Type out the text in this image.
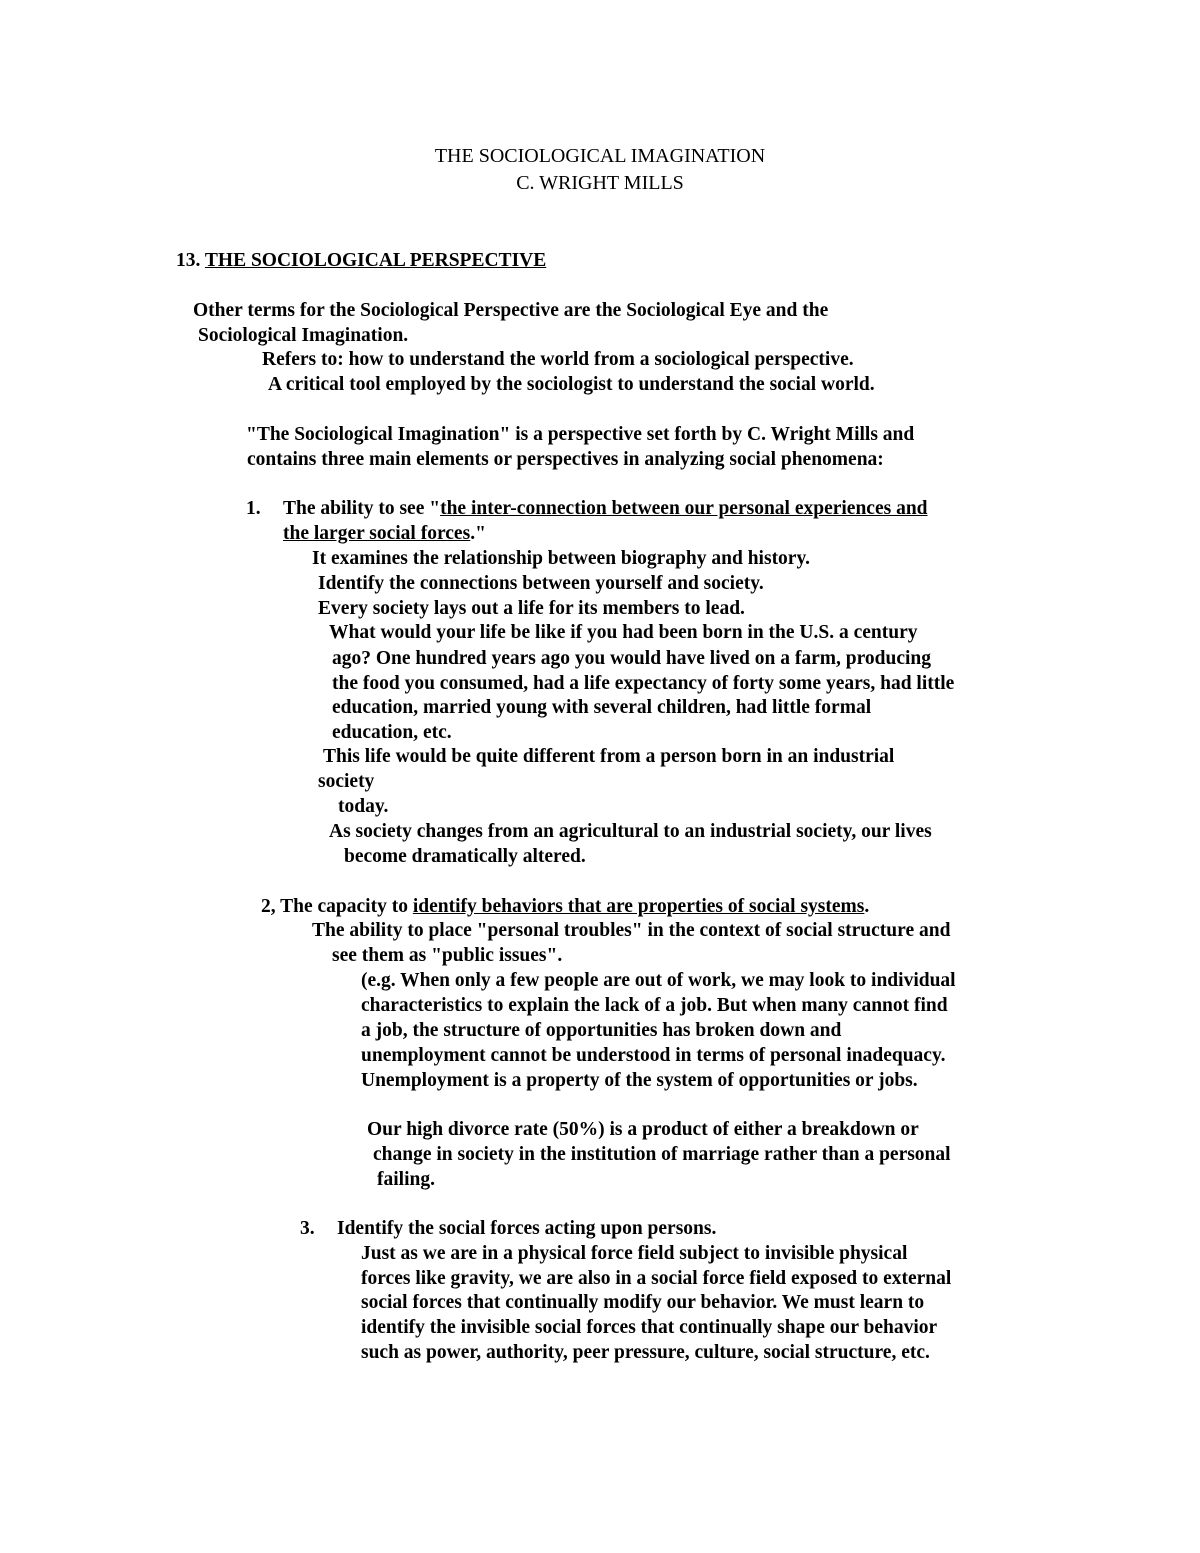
THE SOCIOLOGICAL IMAGINATION
C. WRIGHT MILLS
13. THE SOCIOLOGICAL PERSPECTIVE
Other terms for the Sociological Perspective are the Sociological Eye and the
Sociological Imagination.
Refers to: how to understand the world from a sociological perspective.
A critical tool employed by the sociologist to understand the social world.
"The Sociological Imagination" is a perspective set forth by C. Wright Mills and
contains three main elements or perspectives in analyzing social phenomena:
1. The ability to see "the inter-connection between our personal experiences and
the larger social forces."
It examines the relationship between biography and history.
Identify the connections between yourself and society.
Every society lays out a life for its members to lead.
What would your life be like if you had been born in the U.S. a century
ago? One hundred years ago you would have lived on a farm, producing
the food you consumed, had a life expectancy of forty some years, had little
education, married young with several children, had little formal
education, etc.
This life would be quite different from a person born in an industrial
society
today.
As society changes from an agricultural to an industrial society, our lives
become dramatically altered.
2, The capacity to identify behaviors that are properties of social systems.
The ability to place "personal troubles" in the context of social structure and
see them as "public issues".
(e.g. When only a few people are out of work, we may look to individual
characteristics to explain the lack of a job. But when many cannot find
a job, the structure of opportunities has broken down and
unemployment cannot be understood in terms of personal inadequacy.
Unemployment is a property of the system of opportunities or jobs.
Our high divorce rate (50%) is a product of either a breakdown or
change in society in the institution of marriage rather than a personal
failing.
3. Identify the social forces acting upon persons.
Just as we are in a physical force field subject to invisible physical
forces like gravity, we are also in a social force field exposed to external
social forces that continually modify our behavior. We must learn to
identify the invisible social forces that continually shape our behavior
such as power, authority, peer pressure, culture, social structure, etc.
